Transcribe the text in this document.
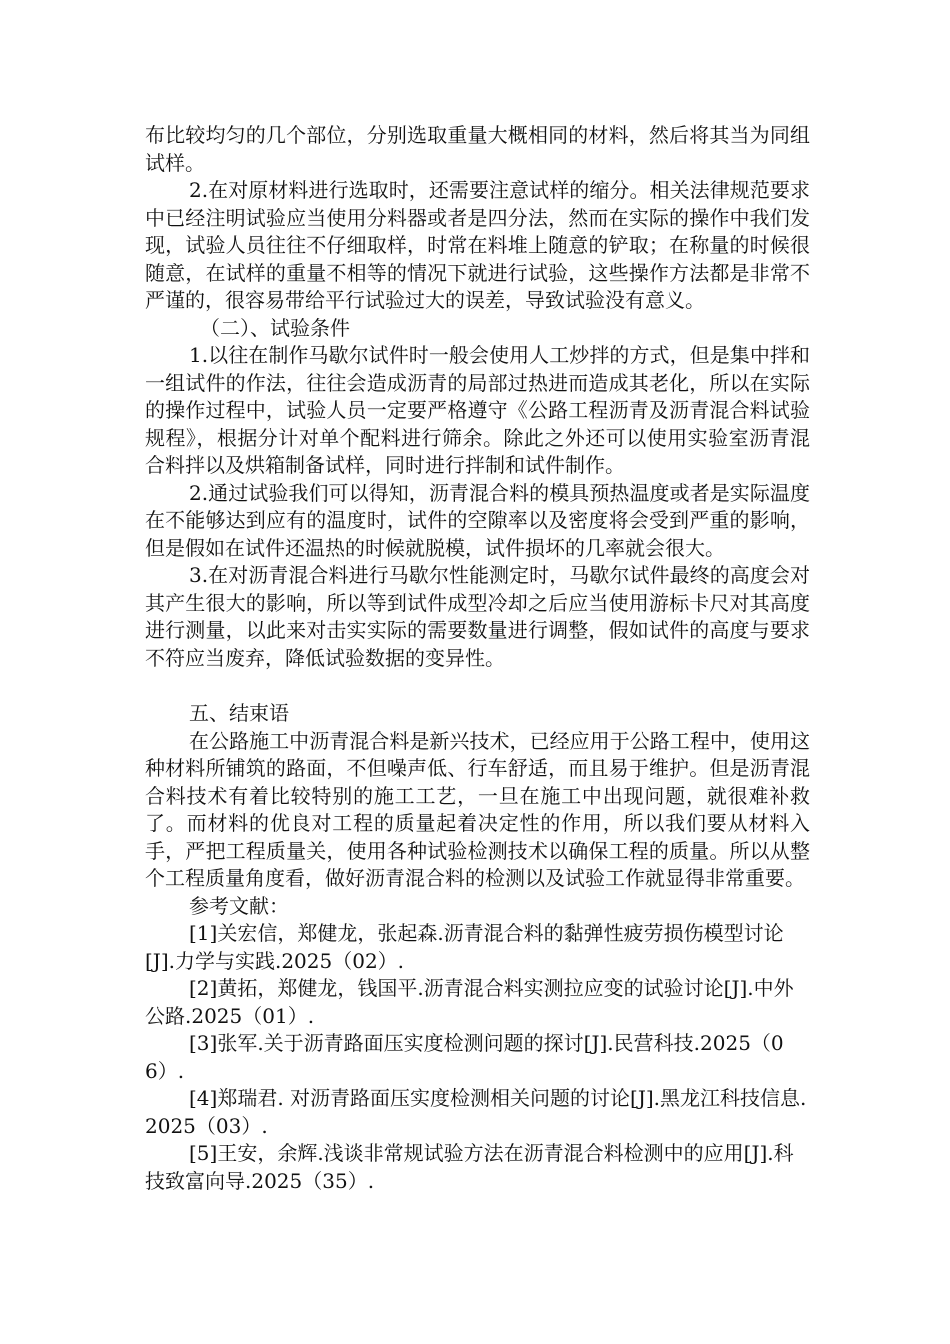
布比较均匀的几个部位，分别选取重量大概相同的材料，然后将其当为同组试样。

2.在对原材料进行选取时，还需要注意试样的缩分。相关法律规范要求中已经注明试验应当使用分料器或者是四分法，然而在实际的操作中我们发现，试验人员往往不仔细取样，时常在料堆上随意的铲取；在称量的时候很随意，在试样的重量不相等的情况下就进行试验，这些操作方法都是非常不严谨的，很容易带给平行试验过大的误差，导致试验没有意义。

（二）、试验条件

1.以往在制作马歇尔试件时一般会使用人工炒拌的方式，但是集中拌和一组试件的作法，往往会造成沥青的局部过热进而造成其老化，所以在实际的操作过程中，试验人员一定要严格遵守《公路工程沥青及沥青混合料试验规程》，根据分计对单个配料进行筛余。除此之外还可以使用实验室沥青混合料拌以及烘箱制备试样，同时进行拌制和试件制作。

2.通过试验我们可以得知，沥青混合料的模具预热温度或者是实际温度在不能够达到应有的温度时，试件的空隙率以及密度将会受到严重的影响，但是假如在试件还温热的时候就脱模，试件损坏的几率就会很大。

3.在对沥青混合料进行马歇尔性能测定时，马歇尔试件最终的高度会对其产生很大的影响，所以等到试件成型冷却之后应当使用游标卡尺对其高度进行测量，以此来对击实实际的需要数量进行调整，假如试件的高度与要求不符应当废弃，降低试验数据的变异性。

五、结束语

在公路施工中沥青混合料是新兴技术，已经应用于公路工程中，使用这种材料所铺筑的路面，不但噪声低、行车舒适，而且易于维护。但是沥青混合料技术有着比较特别的施工工艺，一旦在施工中出现问题，就很难补救了。而材料的优良对工程的质量起着决定性的作用，所以我们要从材料入手，严把工程质量关，使用各种试验检测技术以确保工程的质量。所以从整个工程质量角度看，做好沥青混合料的检测以及试验工作就显得非常重要。

参考文献：

[1]关宏信，郑健龙，张起森.沥青混合料的黏弹性疲劳损伤模型讨论[J].力学与实践.2025（02）.

[2]黄拓，郑健龙，钱国平.沥青混合料实测拉应变的试验讨论[J].中外公路.2025（01）.

[3]张军.关于沥青路面压实度检测问题的探讨[J].民营科技.2025（06）.

[4]郑瑞君. 对沥青路面压实度检测相关问题的讨论[J].黑龙江科技信息.2025（03）.

[5]王安，余辉.浅谈非常规试验方法在沥青混合料检测中的应用[J].科技致富向导.2025（35）.
